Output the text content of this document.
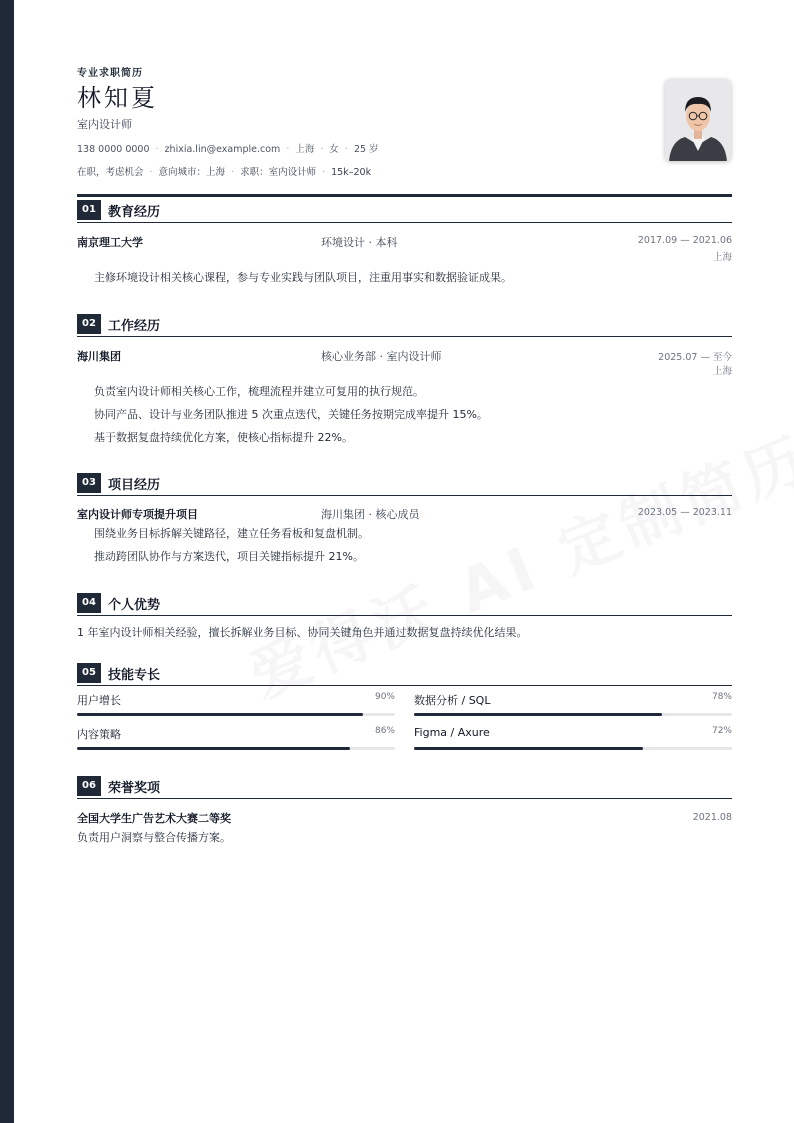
专业求职简历
林知夏
室内设计师
138 0000 0000 · zhixia.lin@example.com · 上海 · 女 · 25 岁
在职，考虑机会 · 意向城市：上海 · 求职：室内设计师 · 15k–20k
01 教育经历
南京理工大学	环境设计 · 本科	2017.09 — 2021.06
上海
主修环境设计相关核心课程，参与专业实践与团队项目，注重用事实和数据验证成果。
02 工作经历
海川集团	核心业务部 · 室内设计师	2025.07 — 至今
上海
负责室内设计师相关核心工作，梳理流程并建立可复用的执行规范。
协同产品、设计与业务团队推进 5 次重点迭代，关键任务按期完成率提升 15%。
基于数据复盘持续优化方案，使核心指标提升 22%。
03 项目经历
室内设计师专项提升项目	海川集团 · 核心成员	2023.05 — 2023.11
围绕业务目标拆解关键路径，建立任务看板和复盘机制。
推动跨团队协作与方案迭代，项目关键指标提升 21%。
04 个人优势
1 年室内设计师相关经验，擅长拆解业务目标、协同关键角色并通过数据复盘持续优化结果。
05 技能专长
用户增长	90% 数据分析 / SQL	78%
内容策略	86% Figma / Axure	72%
06 荣誉奖项
全国大学生广告艺术大赛二等奖	2021.08
负责用户洞察与整合传播方案。
